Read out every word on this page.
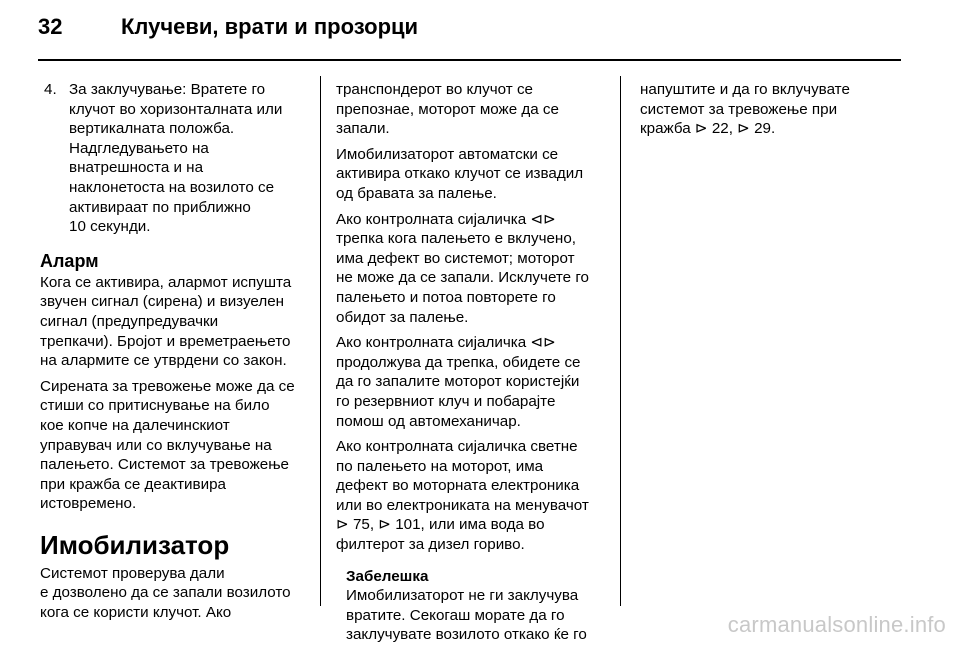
32	Клучеви, врати и прозорци
4. За заклучување: Вратете го
клучот во хоризонталната или
вертикалната положба.
Надгледувањето на
внатрешноста и на
наклонетоста на возилото се
активираат по приближно
10 секунди.
Аларм
Кога се активира, алармот испушта
звучен сигнал (сирена) и визуелен
сигнал (предупредувачки
трепкачи). Бројот и времетраењето
на алармите се утврдени со закон.
Сирената за тревожење може да се
стиши со притиснување на било
кое копче на далечинскиот
управувач или со вклучување на
палењето. Системот за тревожење
при кражба се деактивира
истовремено.
Имобилизатор
Системот проверува дали
е дозволено да се запали возилото
кога се користи клучот. Ако
транспондерот во клучот се
препознае, моторот може да се
запали.
Имобилизаторот автоматски се
активира откако клучот се извадил
од бравата за палење.
Ако контролната сијаличка ⊲⊳
трепка кога палењето е вклучено,
има дефект во системот; моторот
не може да се запали. Исклучете го
палењето и потоа повторете го
обидот за палење.
Ако контролната сијаличка ⊲⊳
продолжува да трепка, обидете се
да го запалите моторот користејќи
го резервниот клуч и побарајте
помош од автомеханичар.
Ако контролната сијаличка светне
по палењето на моторот, има
дефект во моторната електроника
или во електрониката на менувачот
⊳ 75, ⊳ 101, или има вода во
филтерот за дизел гориво.
Забелешка
Имобилизаторот не ги заклучува
вратите. Секогаш морате да го
заклучувате возилото откако ќе го
напуштите и да го вклучувате
системот за тревожење при
кражба ⊳ 22, ⊳ 29.
carmanualsonline.info
